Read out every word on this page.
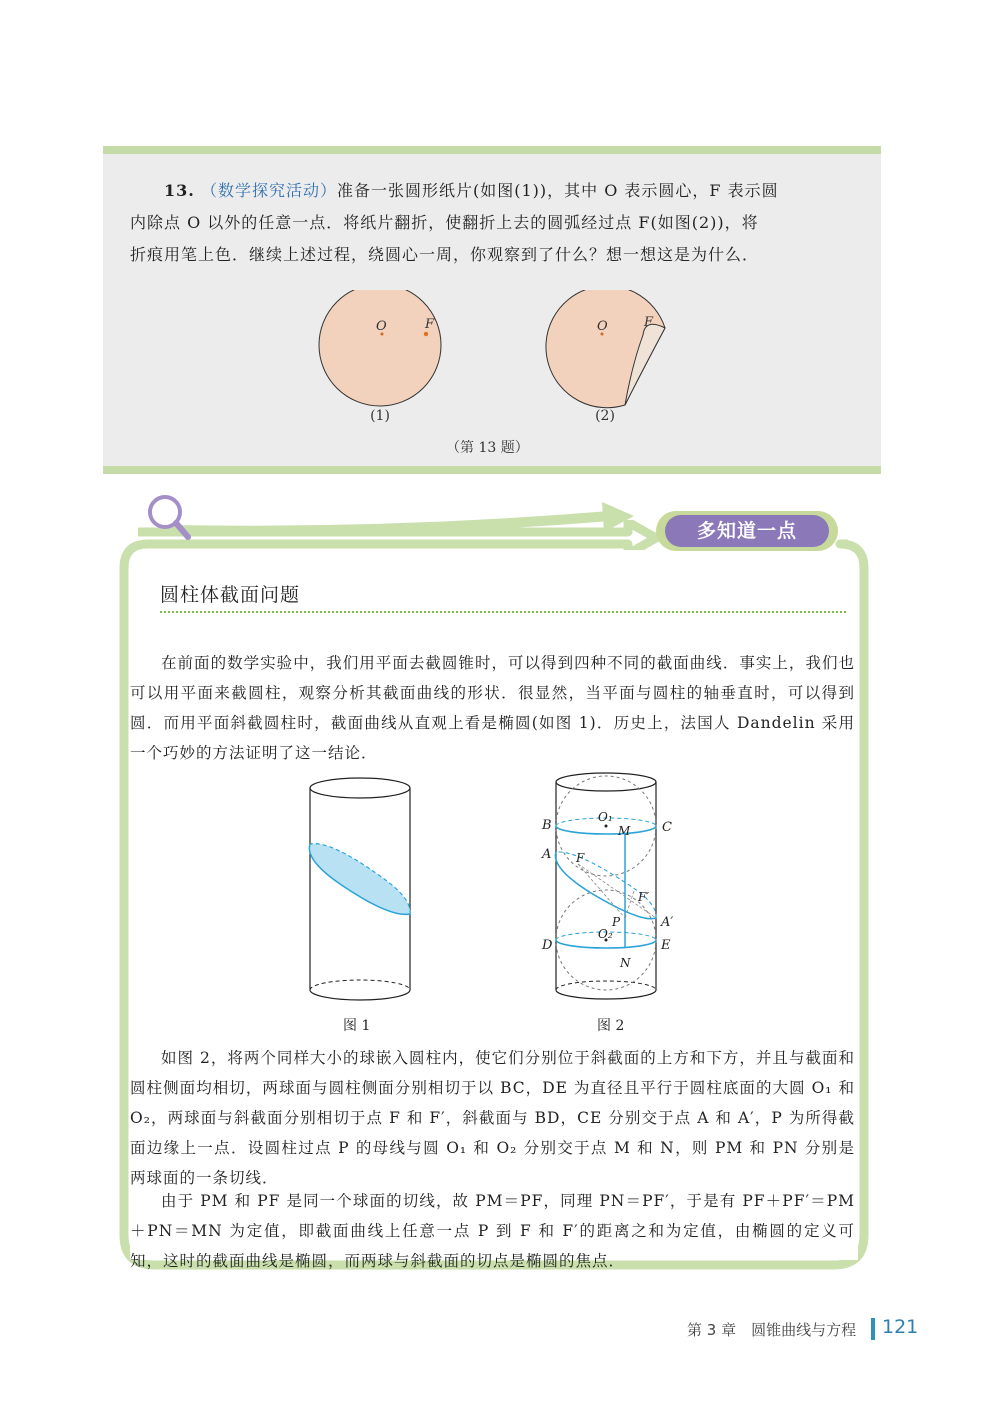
13. （数学探究活动）准备一张圆形纸片(如图(1))，其中 O 表示圆心，F 表示圆
内除点 O 以外的任意一点．将纸片翻折，使翻折上去的圆弧经过点 F(如图(2))，将
折痕用笔上色．继续上述过程，绕圆心一周，你观察到了什么？想一想这是为什么．
O	F	O	F
(1)	(2)
（第 13 题）
多知道一点
圆柱体截面问题
在前面的数学实验中，我们用平面去截圆锥时，可以得到四种不同的截面曲线．事实上，我们也可以用平面来截圆柱，观察分析其截面曲线的形状．很显然，当平面与圆柱的轴垂直时，可以得到圆．而用平面斜截圆柱时，截面曲线从直观上看是椭圆(如图 1)．历史上，法国人 Dandelin 采用一个巧妙的方法证明了这一结论．
图 1
B	C
A
A′
D	E
O₁
O₂
M
N
F
F′
P
图 2
如图 2，将两个同样大小的球嵌入圆柱内，使它们分别位于斜截面的上方和下方，并且与截面和圆柱侧面均相切，两球面与圆柱侧面分别相切于以 BC，DE 为直径且平行于圆柱底面的大圆 O₁ 和 O₂，两球面与斜截面分别相切于点 F 和 F′，斜截面与 BD，CE 分别交于点 A 和 A′，P 为所得截面边缘上一点．设圆柱过点 P 的母线与圆 O₁ 和 O₂ 分别交于点 M 和 N，则 PM 和 PN 分别是两球面的一条切线．
由于 PM 和 PF 是同一个球面的切线，故 PM＝PF，同理 PN＝PF′，于是有 PF＋PF′＝PM＋PN＝MN 为定值，即截面曲线上任意一点 P 到 F 和 F′的距离之和为定值，由椭圆的定义可知，这时的截面曲线是椭圆，而两球与斜截面的切点是椭圆的焦点．
第 3 章　圆锥曲线与方程 121
